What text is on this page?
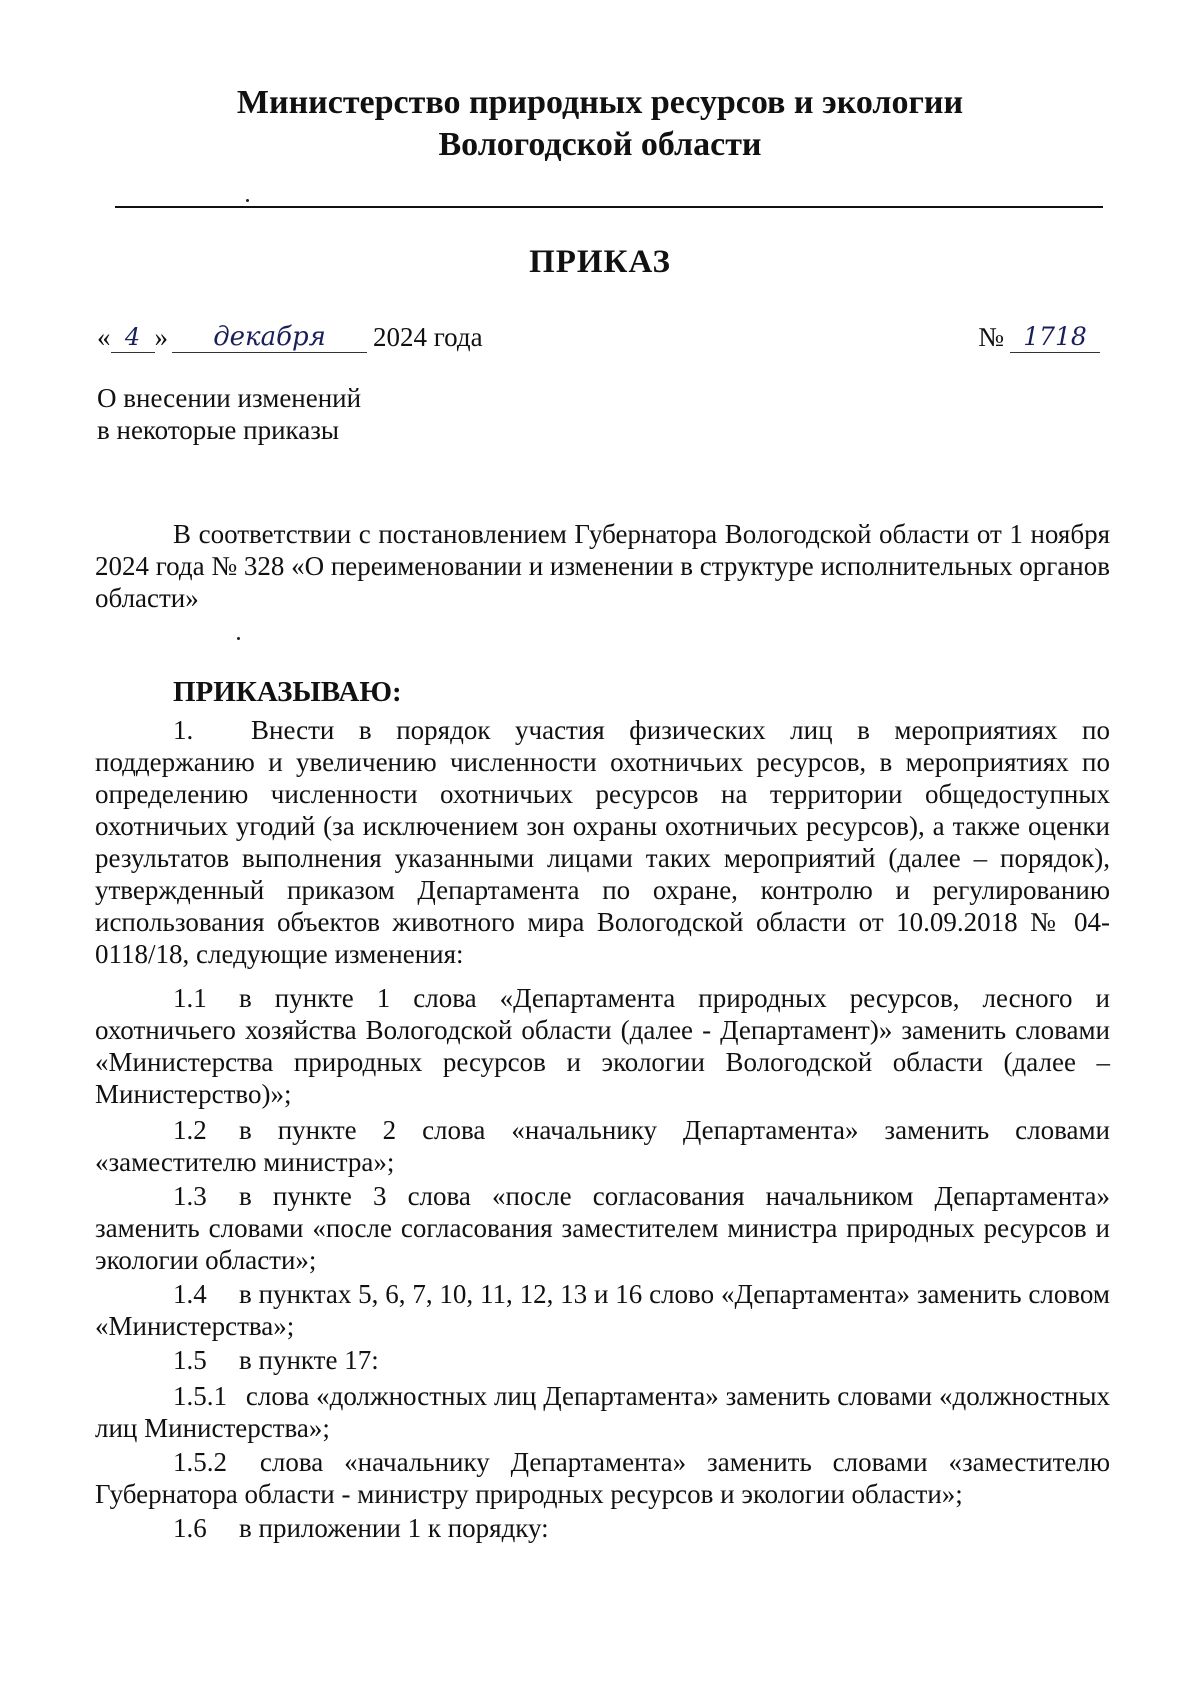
Министерство природных ресурсов и экологии
Вологодской области
ПРИКАЗ
« 4 »	декабря	2024 года	№ 1718
О внесении изменений
в некоторые приказы
В соответствии с постановлением Губернатора Вологодской области от 1 ноября 2024 года № 328 «О переименовании и изменении в структуре исполнительных органов области»
ПРИКАЗЫВАЮ:

1. Внести в порядок участия физических лиц в мероприятиях по поддержанию и увеличению численности охотничьих ресурсов, в мероприятиях по определению численности охотничьих ресурсов на территории общедоступных охотничьих угодий (за исключением зон охраны охотничьих ресурсов), а также оценки результатов выполнения указанными лицами таких мероприятий (далее – порядок), утвержденный приказом Департамента по охране, контролю и регулированию использования объектов животного мира Вологодской области от 10.09.2018 № 04-0118/18, следующие изменения:

1.1 в пункте 1 слова «Департамента природных ресурсов, лесного и охотничьего хозяйства Вологодской области (далее - Департамент)» заменить словами «Министерства природных ресурсов и экологии Вологодской области (далее – Министерство)»;

1.2 в пункте 2 слова «начальнику Департамента» заменить словами «заместителю министра»;

1.3 в пункте 3 слова «после согласования начальником Департамента» заменить словами «после согласования заместителем министра природных ресурсов и экологии области»;

1.4 в пунктах 5, 6, 7, 10, 11, 12, 13 и 16 слово «Департамента» заменить словом «Министерства»;

1.5 в пункте 17:

1.5.1 слова «должностных лиц Департамента» заменить словами «должностных лиц Министерства»;

1.5.2 слова «начальнику Департамента» заменить словами «заместителю Губернатора области - министру природных ресурсов и экологии области»;

1.6 в приложении 1 к порядку:
